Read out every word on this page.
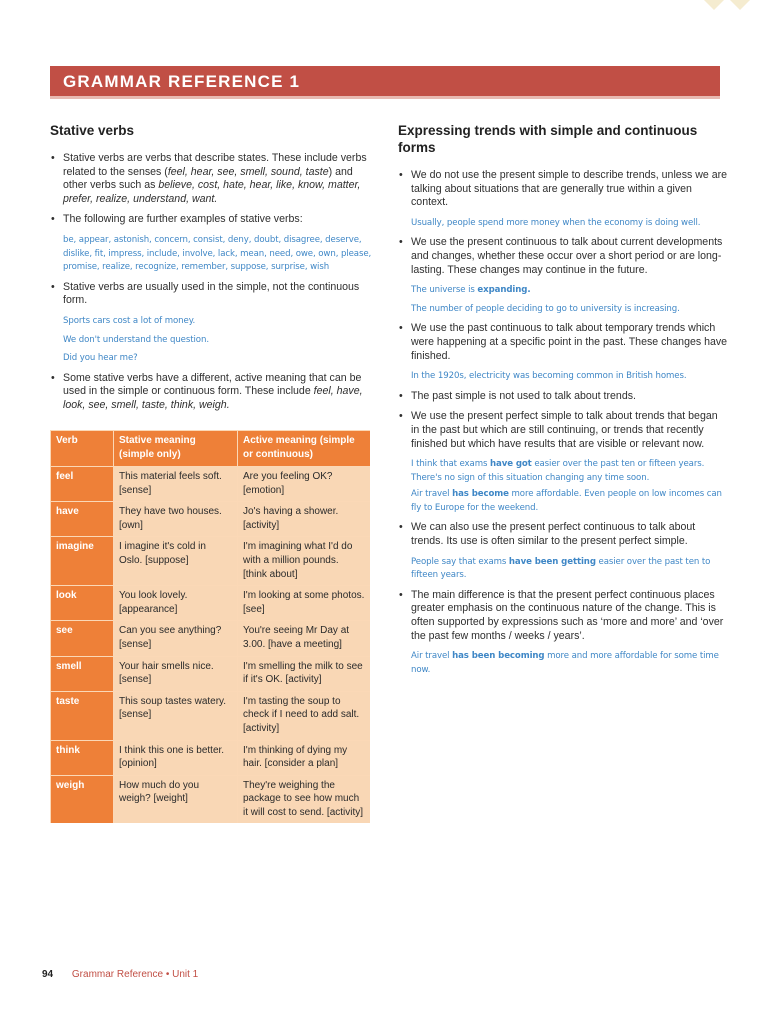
GRAMMAR REFERENCE 1
Stative verbs
• Stative verbs are verbs that describe states. These include verbs related to the senses (feel, hear, see, smell, sound, taste) and other verbs such as believe, cost, hate, hear, like, know, matter, prefer, realize, understand, want.
• The following are further examples of stative verbs:
be, appear, astonish, concern, consist, deny, doubt, disagree, deserve, dislike, fit, impress, include, involve, lack, mean, need, owe, own, please, promise, realize, recognize, remember, suppose, surprise, wish
• Stative verbs are usually used in the simple, not the continuous form.
Sports cars cost a lot of money.
We don't understand the question.
Did you hear me?
• Some stative verbs have a different, active meaning that can be used in the simple or continuous form. These include feel, have, look, see, smell, taste, think, weigh.
Verb	Stative meaning (simple only)	Active meaning (simple or continuous)
feel	This material feels soft. [sense]	Are you feeling OK? [emotion]
have	They have two houses. [own]	Jo's having a shower. [activity]
imagine	I imagine it's cold in Oslo. [suppose]	I'm imagining what I'd do with a million pounds. [think about]
look	You look lovely. [appearance]	I'm looking at some photos. [see]
see	Can you see anything? [sense]	You're seeing Mr Day at 3.00. [have a meeting]
smell	Your hair smells nice. [sense]	I'm smelling the milk to see if it's OK. [activity]
taste	This soup tastes watery. [sense]	I'm tasting the soup to check if I need to add salt. [activity]
think	I think this one is better. [opinion]	I'm thinking of dying my hair. [consider a plan]
weigh	How much do you weigh? [weight]	They're weighing the package to see how much it will cost to send. [activity]
Expressing trends with simple and continuous forms
• We do not use the present simple to describe trends, unless we are talking about situations that are generally true within a given context.
Usually, people spend more money when the economy is doing well.
• We use the present continuous to talk about current developments and changes, whether these occur over a short period or are long-lasting. These changes may continue in the future.
The universe is expanding.
The number of people deciding to go to university is increasing.
• We use the past continuous to talk about temporary trends which were happening at a specific point in the past. These changes have finished.
In the 1920s, electricity was becoming common in British homes.
• The past simple is not used to talk about trends.
• We use the present perfect simple to talk about trends that began in the past but which are still continuing, or trends that recently finished but which have results that are visible or relevant now.
I think that exams have got easier over the past ten or fifteen years.
There's no sign of this situation changing any time soon.
Air travel has become more affordable. Even people on low incomes can fly to Europe for the weekend.
• We can also use the present perfect continuous to talk about trends. Its use is often similar to the present perfect simple.
People say that exams have been getting easier over the past ten to fifteen years.
• The main difference is that the present perfect continuous places greater emphasis on the continuous nature of the change. This is often supported by expressions such as ‘more and more’ and ‘over the past few months / weeks / years’.
Air travel has been becoming more and more affordable for some time now.
94 Grammar Reference • Unit 1
